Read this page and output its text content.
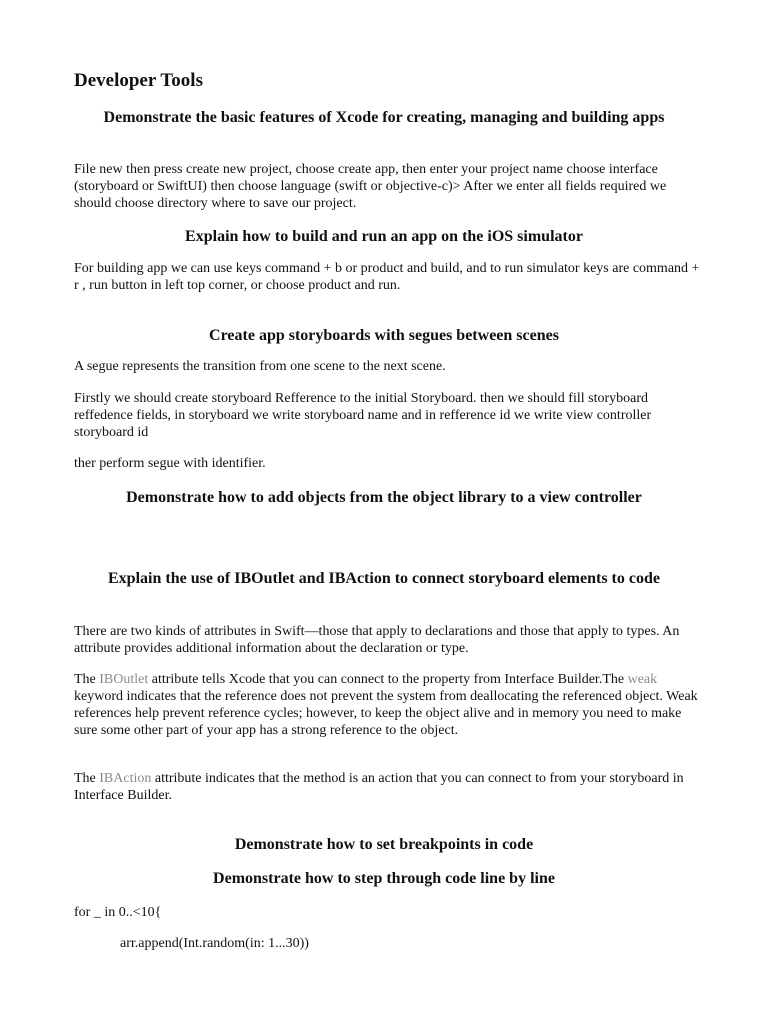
Developer Tools
Demonstrate the basic features of Xcode for creating, managing and building apps

File new then press create new project, choose create app, then enter your project name choose interface (storyboard or SwiftUI) then choose language (swift or objective-c)> After we enter all fields required we should choose directory where to save our project.

Explain how to build and run an app on the iOS simulator

For building app we can use keys command + b or product and build, and to run simulator keys are command + r , run button in left top corner, or choose product and run.

Create app storyboards with segues between scenes

A segue represents the transition from one scene to the next scene.

Firstly we should create storyboard Refference to the initial Storyboard. then we should fill storyboard reffedence fields, in storyboard we write storyboard name and in refference id we write view controller storyboard id

ther perform segue with identifier.

Demonstrate how to add objects from the object library to a view controller
Explain the use of IBOutlet and IBAction to connect storyboard elements to code

There are two kinds of attributes in Swift—those that apply to declarations and those that apply to types. An attribute provides additional information about the declaration or type.

The IBOutlet attribute tells Xcode that you can connect to the property from Interface Builder.The weak keyword indicates that the reference does not prevent the system from deallocating the referenced object. Weak references help prevent reference cycles; however, to keep the object alive and in memory you need to make sure some other part of your app has a strong reference to the object.

The IBAction attribute indicates that the method is an action that you can connect to from your storyboard in Interface Builder.

Demonstrate how to set breakpoints in code
Demonstrate how to step through code line by line

for _ in 0..<10{

arr.append(Int.random(in: 1...30))
